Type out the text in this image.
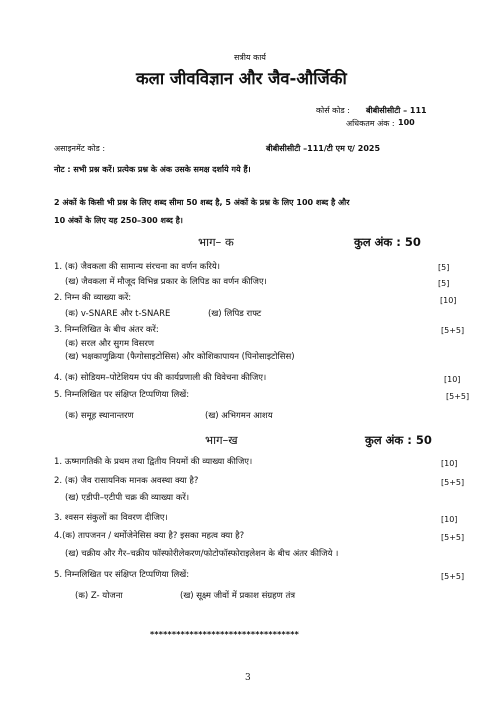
सत्रीय कार्य
कला जीवविज्ञान और जैव-और्जिकी
कोर्स कोड : बीबीसीसीटी – 111
अधिकतम अंक : 100
असाइनमेंट कोड :	बीबीसीसीटी –111/टी एम ए/ 2025
नोट : सभी प्रश्न करें। प्रत्येक प्रश्न के अंक उसके समक्ष दर्शाये गये हैं।
2 अंकों के किसी भी प्रश्न के लिए शब्द सीमा 50 शब्द है, 5 अंकों के प्रश्न के लिए 100 शब्द है और
10 अंकों के लिए यह 250–300 शब्द है।
भाग– क	कुल अंक : 50
1. (क) जैवकला की सामान्य संरचना का वर्णन करिये।	[5]
(ख) जैवकला में मौजूद विभिन्न प्रकार के लिपिड का वर्णन कीजिए।	[5]
2. निम्न की व्याख्या करें:	[10]
(क) v-SNARE और t-SNARE	(ख) लिपिड राफ्ट
3. निम्नलिखित के बीच अंतर करें:	[5+5]
(क) सरल और सुगम विसरण
(ख) भक्षकाणुक्रिया (फैगोसाइटोसिस) और कोशिकापायन (पिनोसाइटोसिस)
4. (क) सोडियम–पोटेशियम पंप की कार्यप्रणाली की विवेचना कीजिए।	[10]
5. निम्नलिखित पर संक्षिप्त टिप्पणिया लिखें:	[5+5]
(क) समूह स्थानान्तरण	(ख) अभिगमन आशय
भाग–ख	कुल अंक : 50
1. ऊष्मागतिकी के प्रथम तथा द्वितीय नियमों की व्याख्या कीजिए।	[10]
2. (क) जैव रासायनिक मानक अवस्था क्या है?	[5+5]
(ख) एडीपी–एटीपी चक्र की व्याख्या करें।
3. श्वसन संकुलों का विवरण दीजिए।	[10]
4.(क) तापजनन / थर्मोजेनेसिस क्या है? इसका महत्व क्या है?	[5+5]
(ख) चक्रीय और गैर–चक्रीय फॉस्फोरीलेकरण/फोटोफॉस्फोराइलेशन के बीच अंतर कीजिये ।
5. निम्नलिखित पर संक्षिप्त टिप्पणिया लिखें:	[5+5]
(क) Z- योजना	(ख) सूक्ष्म जीवों में प्रकाश संग्रहण तंत्र
**********************************
3
